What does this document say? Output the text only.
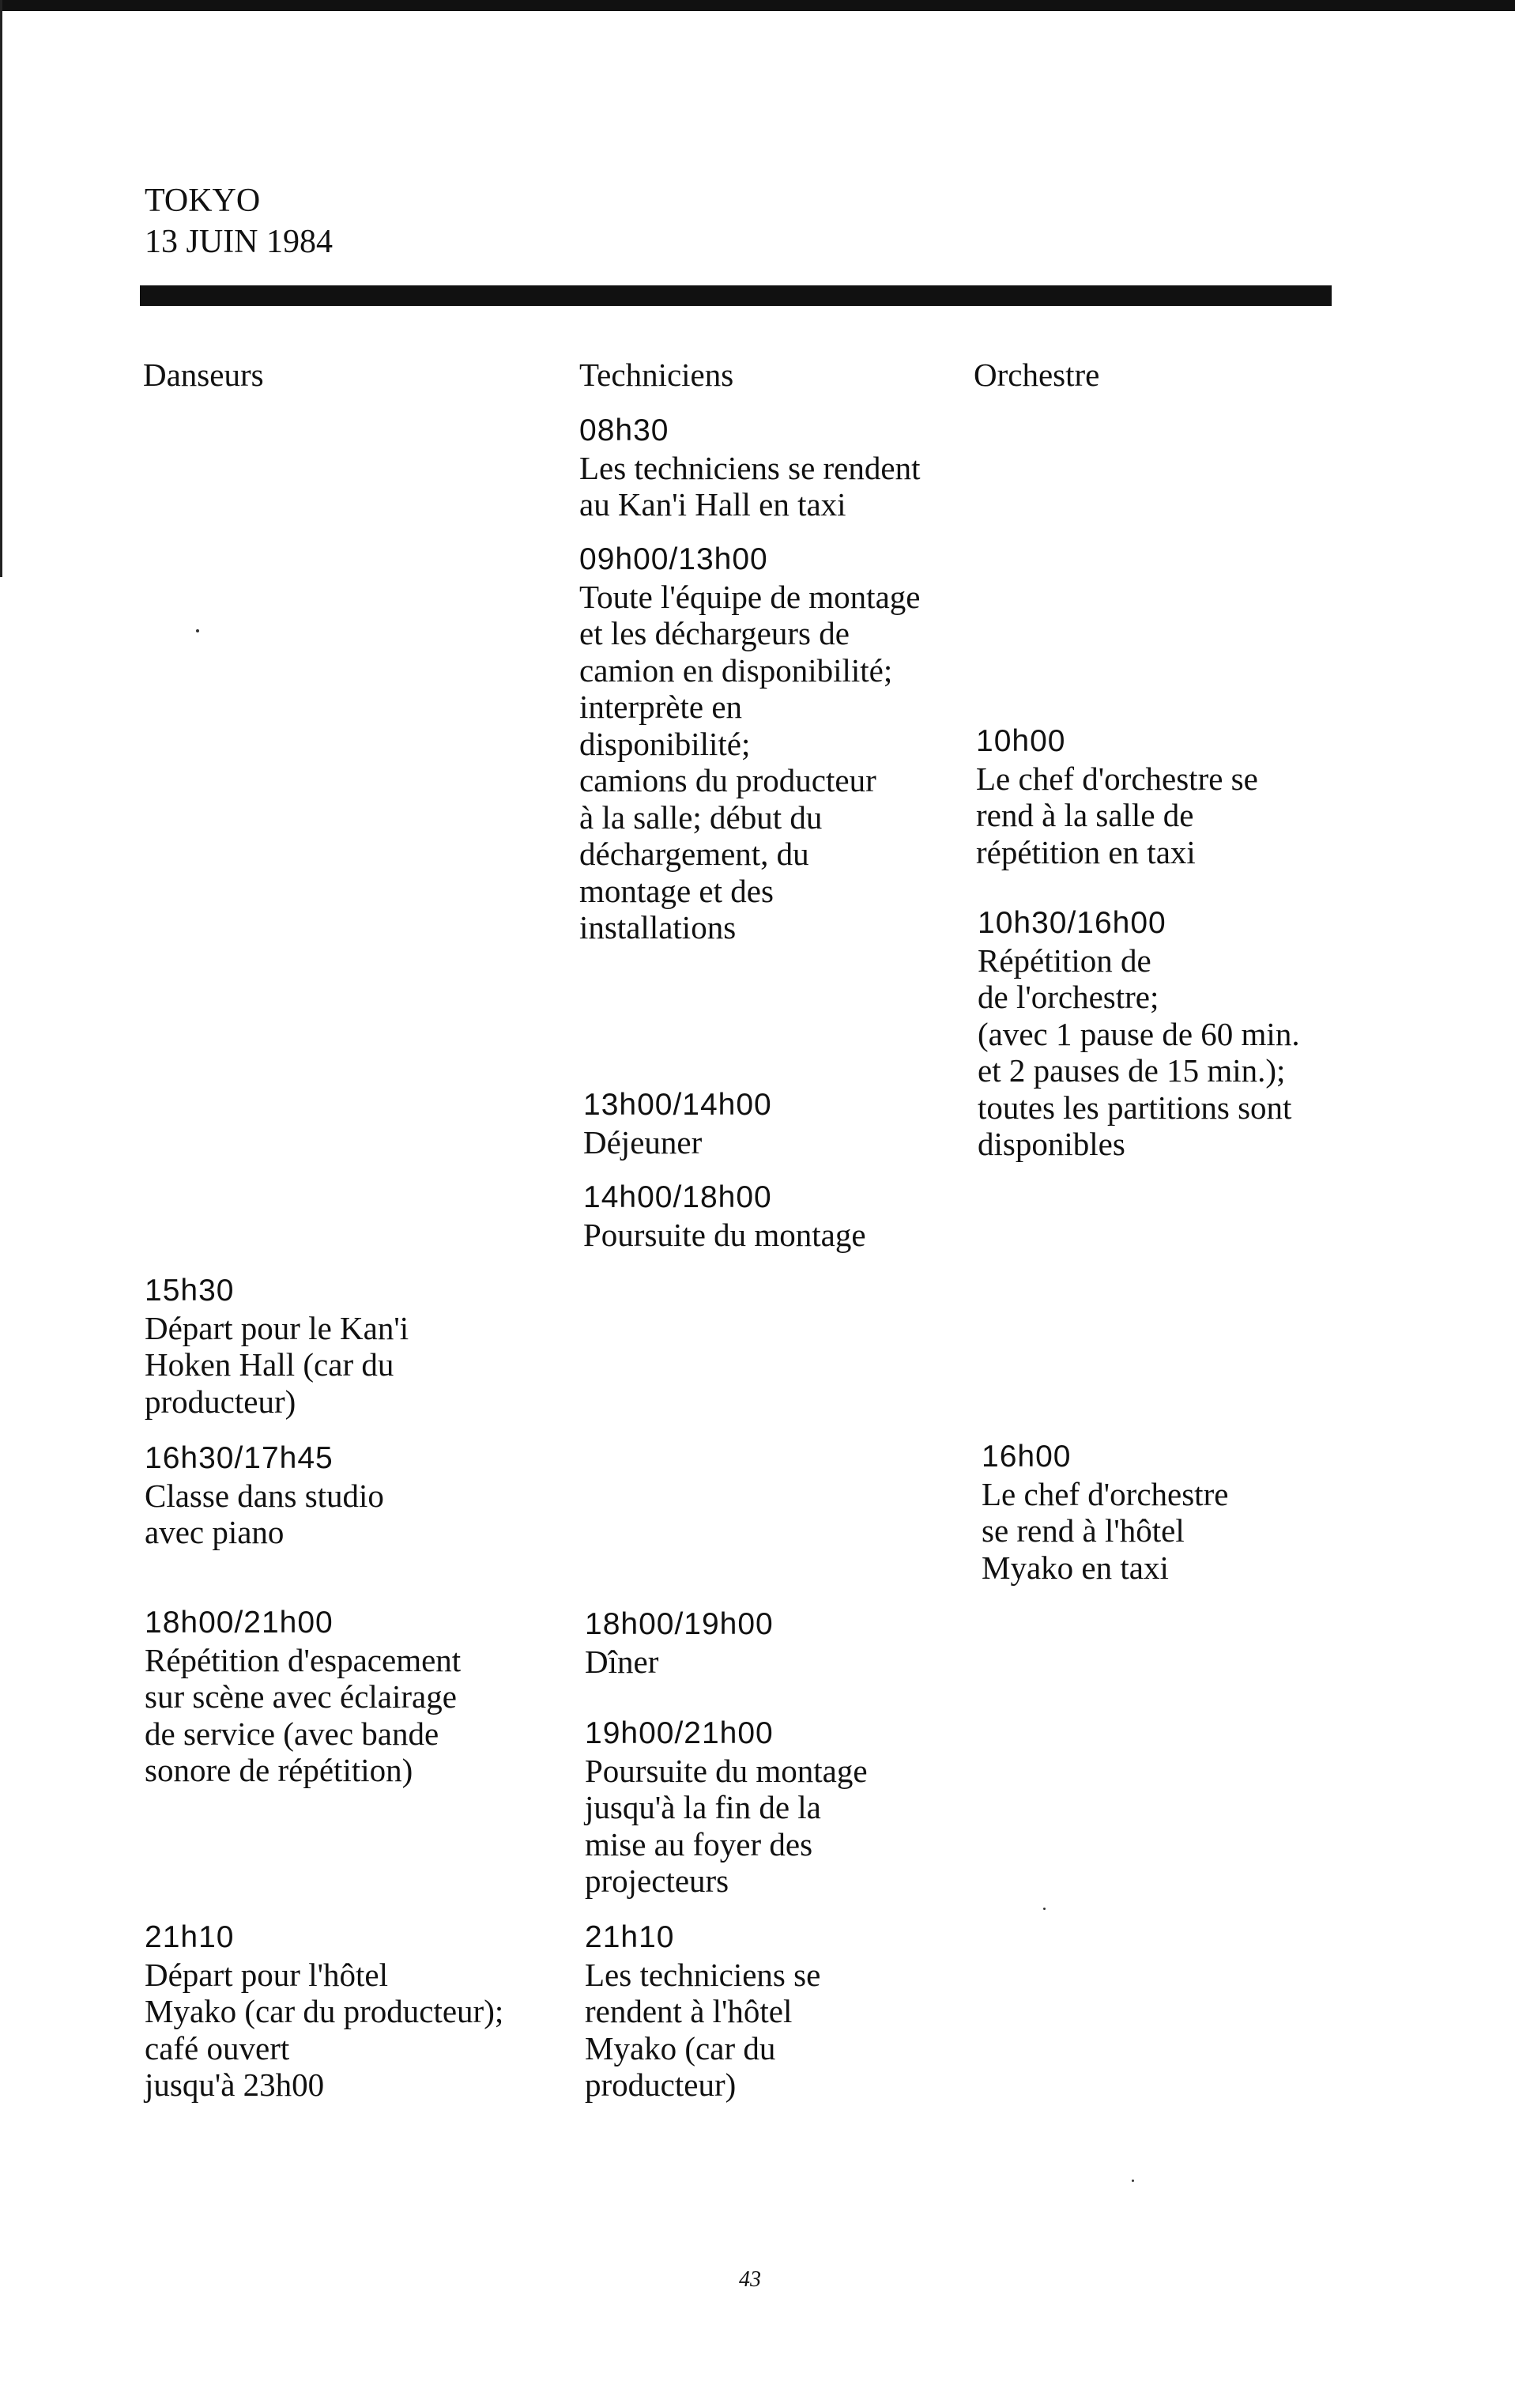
TOKYO
13 JUIN 1984
Danseurs	Techniciens	Orchestre
15h30
Départ pour le Kan'i
Hoken Hall (car du
producteur)
16h30/17h45
Classe dans studio
avec piano
18h00/21h00
Répétition d'espacement
sur scène avec éclairage
de service (avec bande
sonore de répétition)
21h10
Départ pour l'hôtel
Myako (car du producteur);
café ouvert
jusqu'à 23h00
08h30
Les techniciens se rendent
au Kan'i Hall en taxi
09h00/13h00
Toute l'équipe de montage
et les déchargeurs de
camion en disponibilité;
interprète en
disponibilité;
camions du producteur
à la salle; début du
déchargement, du
montage et des
installations
13h00/14h00
Déjeuner
14h00/18h00
Poursuite du montage
18h00/19h00
Dîner
19h00/21h00
Poursuite du montage
jusqu'à la fin de la
mise au foyer des
projecteurs
21h10
Les techniciens se
rendent à l'hôtel
Myako (car du
producteur)
10h00
Le chef d'orchestre se
rend à la salle de
répétition en taxi
10h30/16h00
Répétition de
de l'orchestre;
(avec 1 pause de 60 min.
et 2 pauses de 15 min.);
toutes les partitions sont
disponibles
16h00
Le chef d'orchestre
se rend à l'hôtel
Myako en taxi
43
